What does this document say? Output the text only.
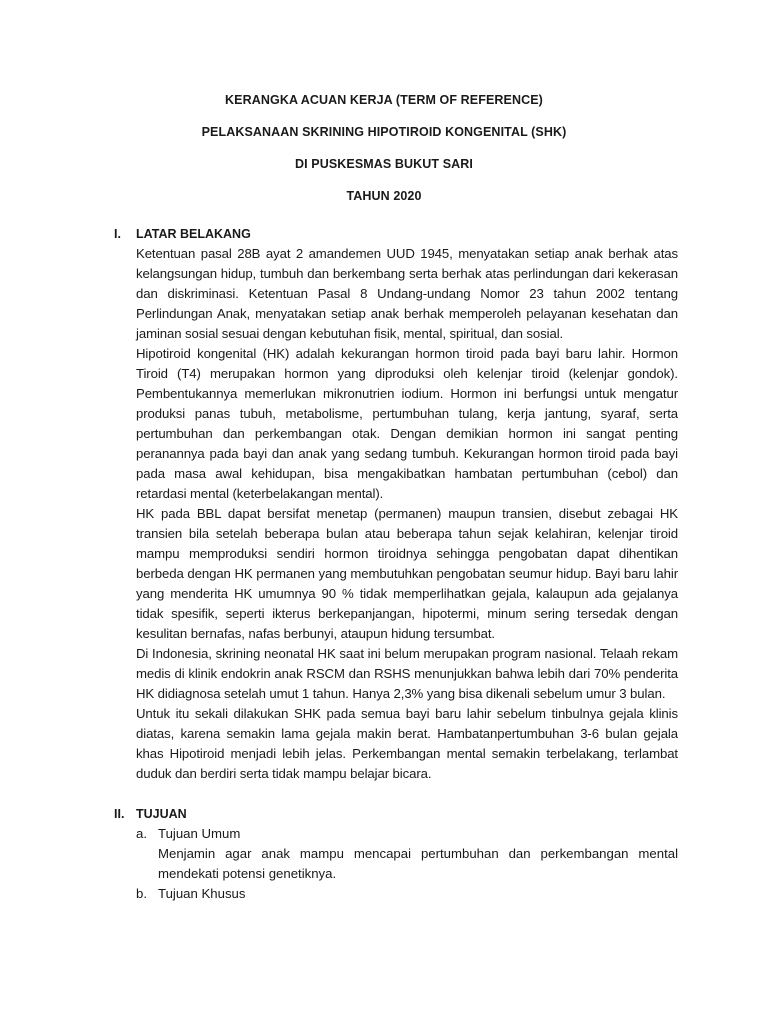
KERANGKA ACUAN KERJA (TERM OF REFERENCE)
PELAKSANAAN SKRINING HIPOTIROID KONGENITAL (SHK)
DI PUSKESMAS BUKUT SARI
TAHUN 2020
I.	LATAR BELAKANG

Ketentuan pasal 28B ayat 2 amandemen UUD 1945, menyatakan setiap anak berhak atas kelangsungan hidup, tumbuh dan berkembang serta berhak atas perlindungan dari kekerasan dan diskriminasi. Ketentuan Pasal 8 Undang-undang Nomor 23 tahun 2002 tentang Perlindungan Anak, menyatakan setiap anak berhak memperoleh pelayanan kesehatan dan jaminan sosial sesuai dengan kebutuhan fisik, mental, spiritual, dan sosial.

Hipotiroid kongenital (HK) adalah kekurangan hormon tiroid pada bayi baru lahir. Hormon Tiroid (T4) merupakan hormon yang diproduksi oleh kelenjar tiroid (kelenjar gondok). Pembentukannya memerlukan mikronutrien iodium. Hormon ini berfungsi untuk mengatur produksi panas tubuh, metabolisme, pertumbuhan tulang, kerja jantung, syaraf, serta pertumbuhan dan perkembangan otak. Dengan demikian hormon ini sangat penting peranannya pada bayi dan anak yang sedang tumbuh. Kekurangan hormon tiroid pada bayi pada masa awal kehidupan, bisa mengakibatkan hambatan pertumbuhan (cebol) dan retardasi mental (keterbelakangan mental).

HK pada BBL dapat bersifat menetap (permanen) maupun transien, disebut zebagai HK transien bila setelah beberapa bulan atau beberapa tahun sejak kelahiran, kelenjar tiroid mampu memproduksi sendiri hormon tiroidnya sehingga pengobatan dapat dihentikan berbeda dengan HK permanen yang membutuhkan pengobatan seumur hidup. Bayi baru lahir yang menderita HK umumnya 90 % tidak memperlihatkan gejala, kalaupun ada gejalanya tidak spesifik, seperti ikterus berkepanjangan, hipotermi, minum sering tersedak dengan kesulitan bernafas, nafas berbunyi, ataupun hidung tersumbat.

Di Indonesia, skrining neonatal HK saat ini belum merupakan program nasional. Telaah rekam medis di klinik endokrin anak RSCM dan RSHS menunjukkan bahwa lebih dari 70% penderita HK didiagnosa setelah umut 1 tahun. Hanya 2,3% yang bisa dikenali sebelum umur 3 bulan.

Untuk itu sekali dilakukan SHK pada semua bayi baru lahir sebelum tinbulnya gejala klinis diatas, karena semakin lama gejala makin berat. Hambatanpertumbuhan 3-6 bulan gejala khas Hipotiroid menjadi lebih jelas. Perkembangan mental semakin terbelakang, terlambat duduk dan berdiri serta tidak mampu belajar bicara.

II. TUJUAN
a. Tujuan Umum

Menjamin agar anak mampu mencapai pertumbuhan dan perkembangan mental mendekati potensi genetiknya.

b. Tujuan Khusus
